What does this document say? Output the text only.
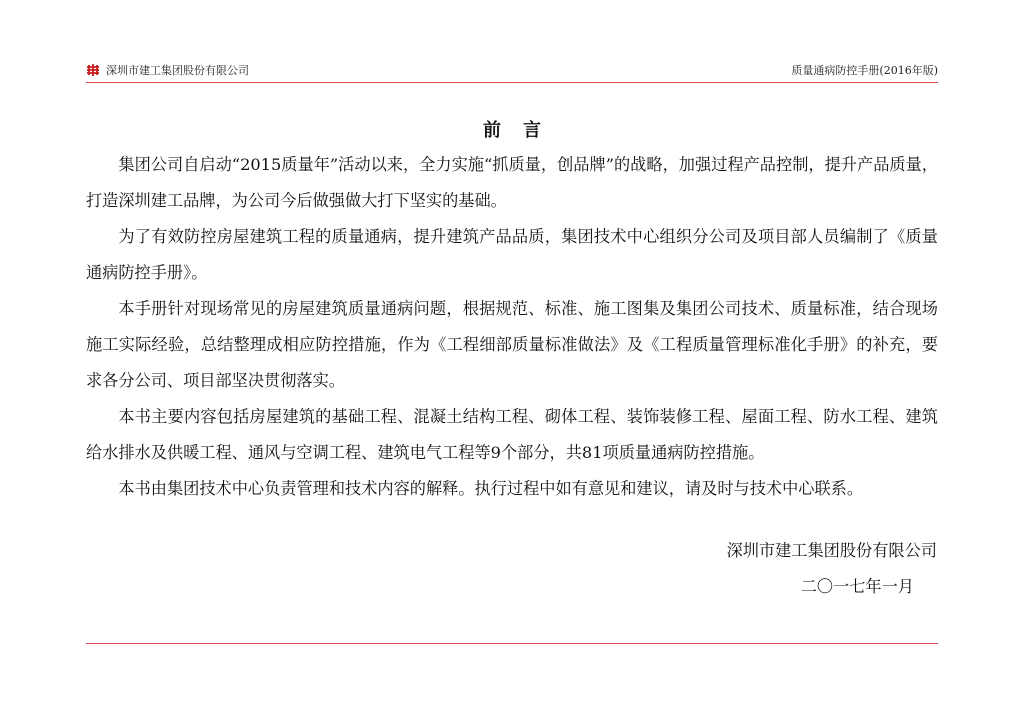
深圳市建工集团股份有限公司	质量通病防控手册(2016年版)
前言

集团公司自启动“2015质量年”活动以来，全力实施“抓质量，创品牌”的战略，加强过程产品控制，提升产品质量，打造深圳建工品牌，为公司今后做强做大打下坚实的基础。

为了有效防控房屋建筑工程的质量通病，提升建筑产品品质，集团技术中心组织分公司及项目部人员编制了《质量通病防控手册》。

本手册针对现场常见的房屋建筑质量通病问题，根据规范、标准、施工图集及集团公司技术、质量标准，结合现场施工实际经验，总结整理成相应防控措施，作为《工程细部质量标准做法》及《工程质量管理标准化手册》的补充，要求各分公司、项目部坚决贯彻落实。

本书主要内容包括房屋建筑的基础工程、混凝土结构工程、砌体工程、装饰装修工程、屋面工程、防水工程、建筑给水排水及供暖工程、通风与空调工程、建筑电气工程等9个部分，共81项质量通病防控措施。

本书由集团技术中心负责管理和技术内容的解释。执行过程中如有意见和建议，请及时与技术中心联系。

深圳市建工集团股份有限公司
二〇一七年一月
